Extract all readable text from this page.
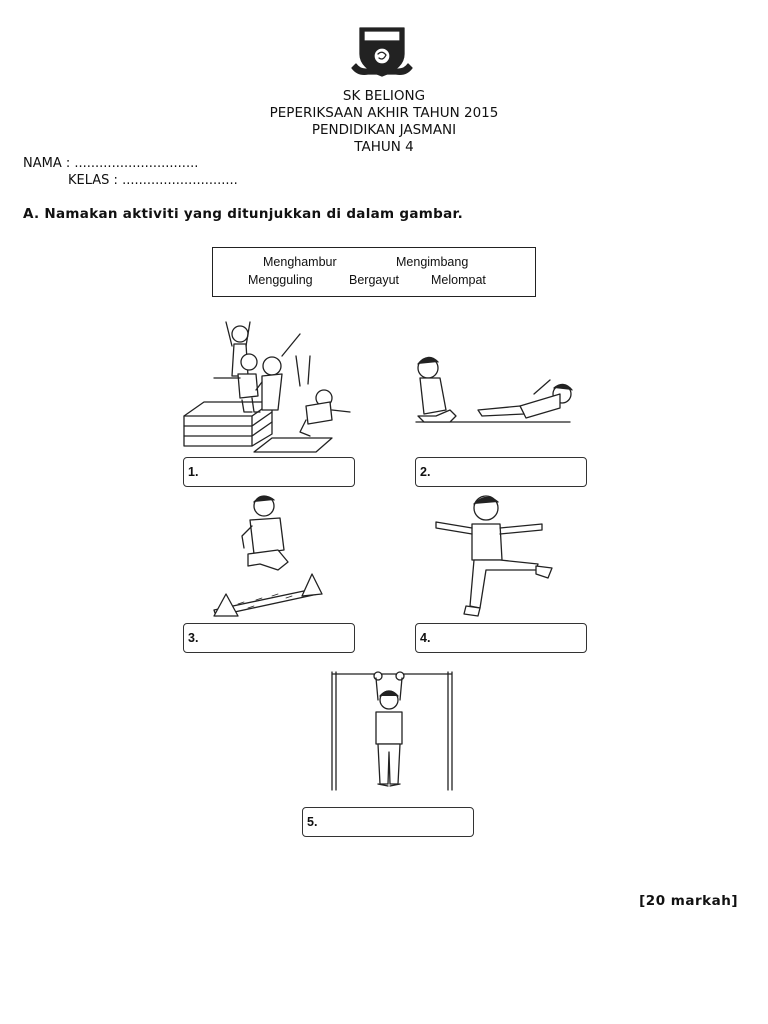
SK BELIONG
PEPERIKSAAN AKHIR TAHUN 2015
PENDIDIKAN JASMANI
TAHUN 4
NAMA : ..............................
KELAS : ............................
A. Namakan aktiviti yang ditunjukkan di dalam gambar.
Menghambur	Mengimbang
Mengguling	Bergayut	Melompat
1.	2.
3.	4.
5.
[20 markah]
